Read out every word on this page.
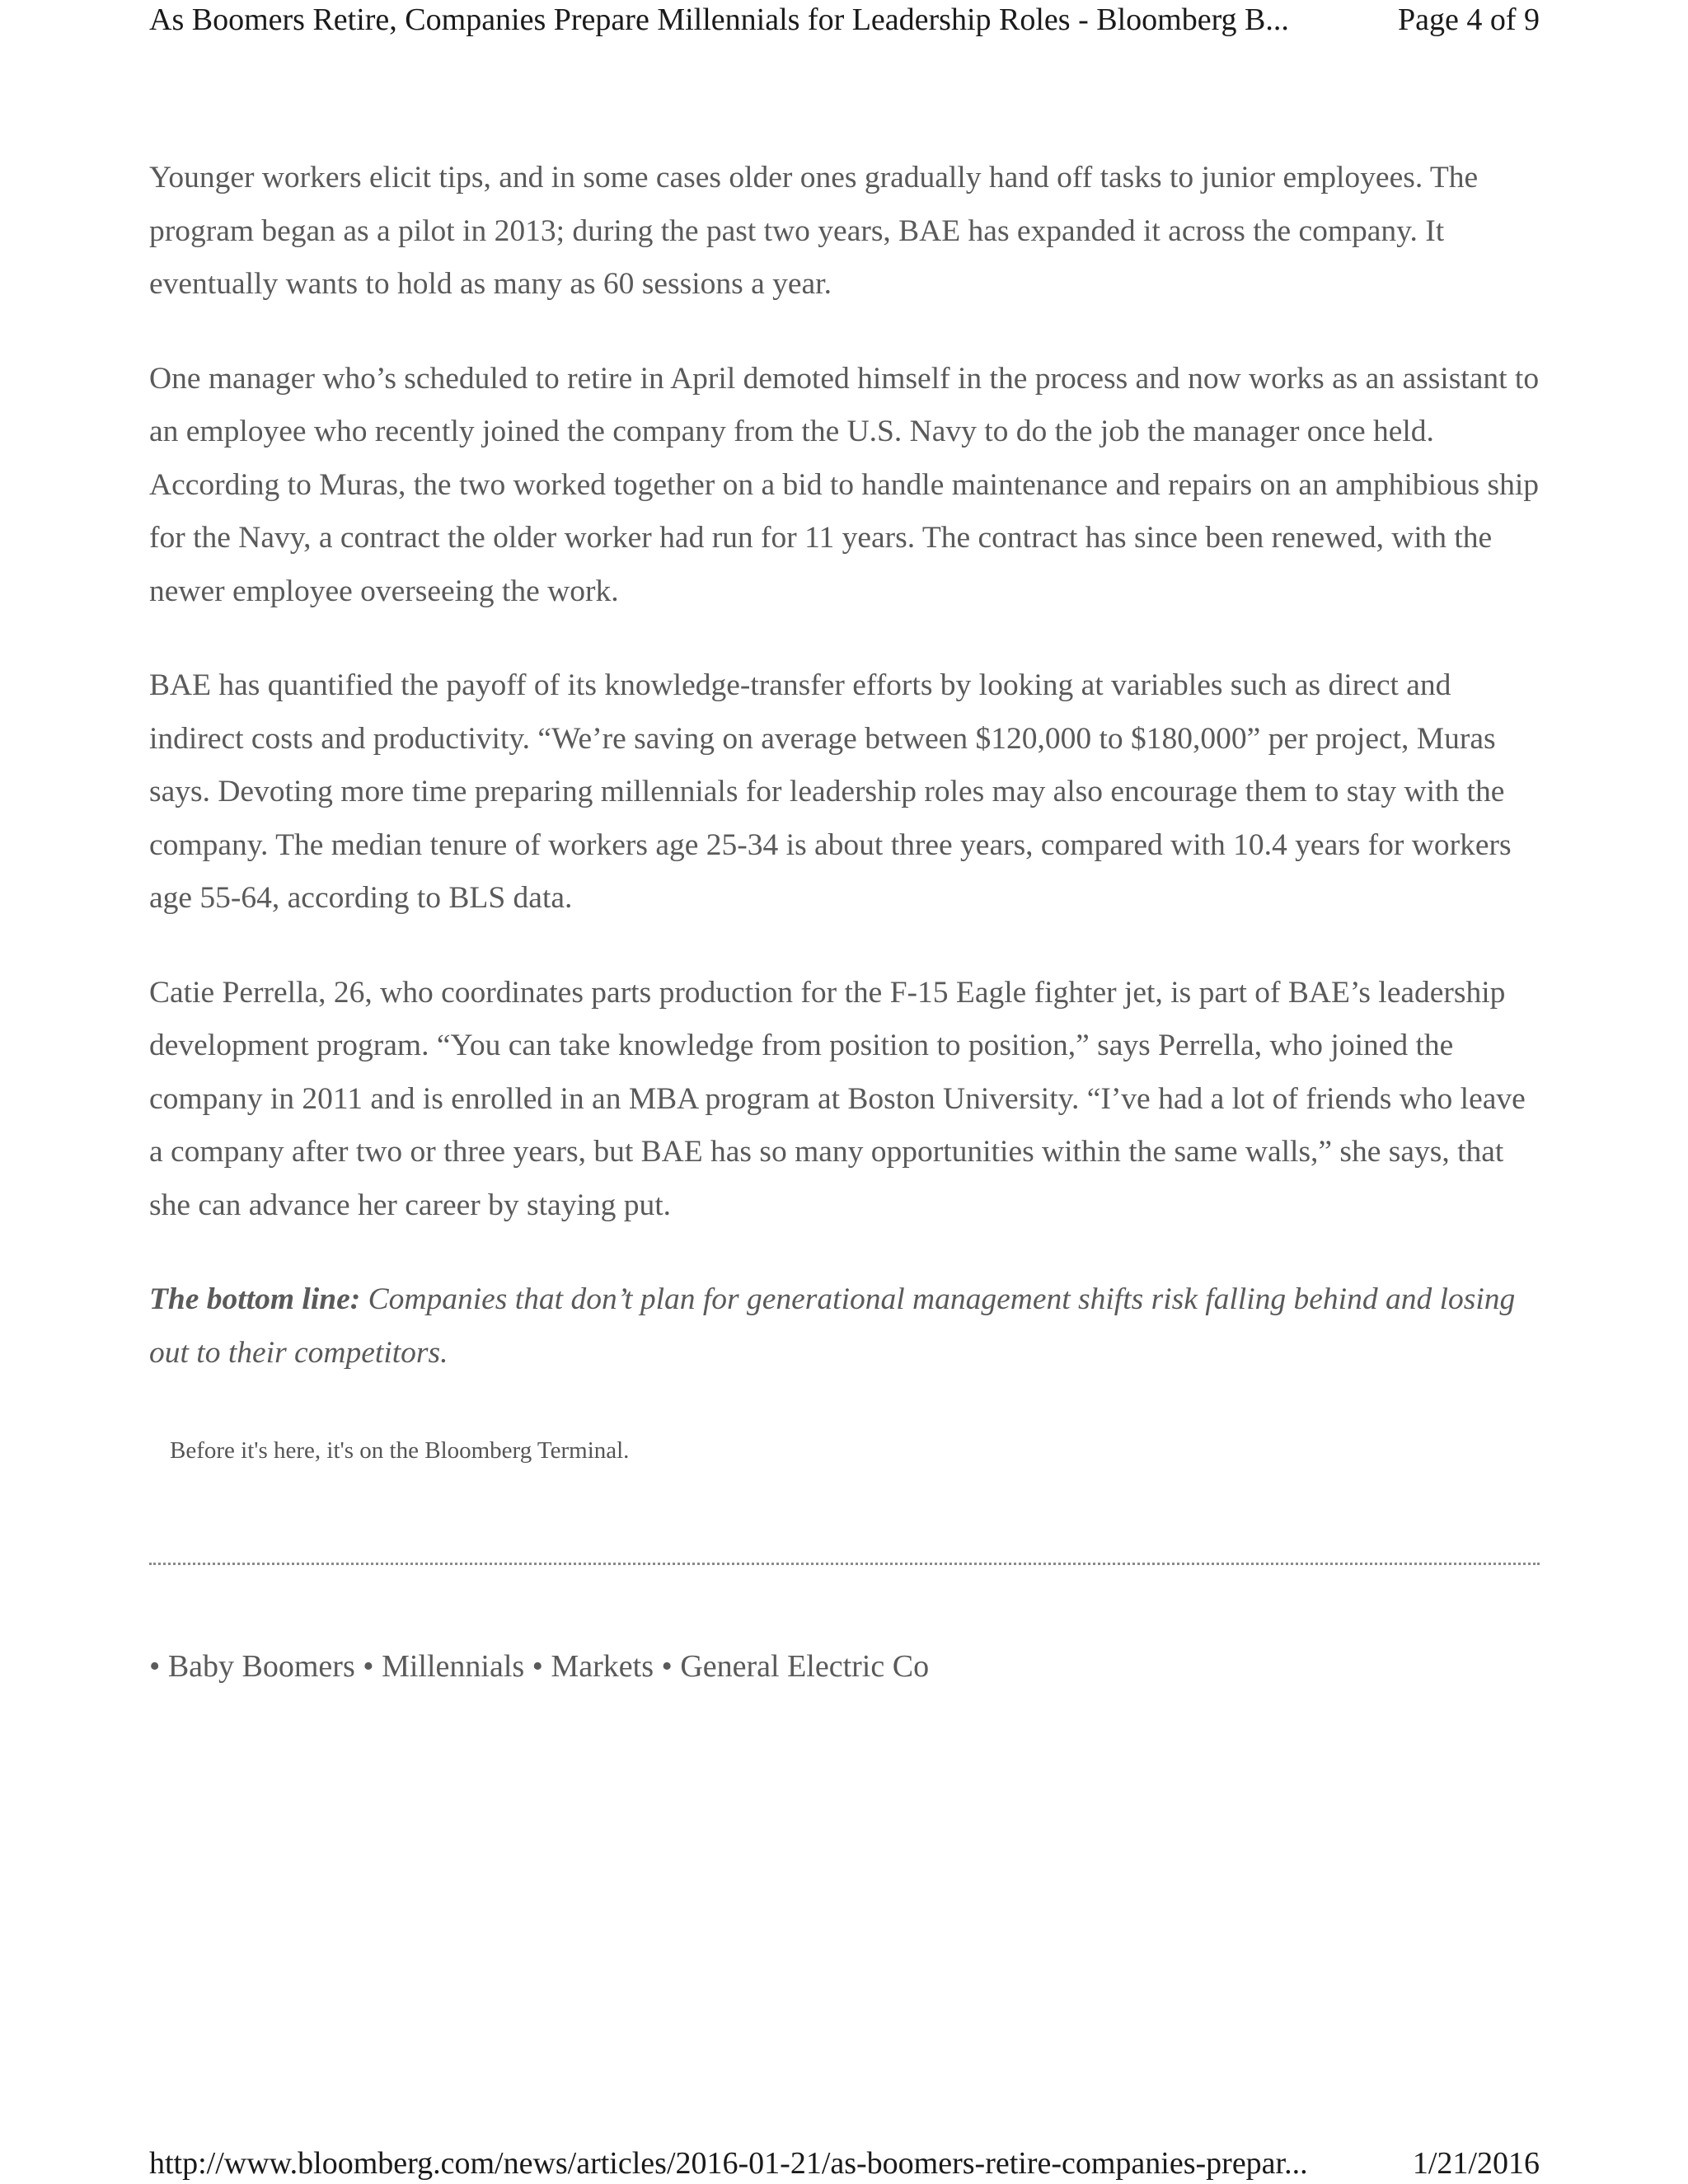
As Boomers Retire, Companies Prepare Millennials for Leadership Roles - Bloomberg B...	Page 4 of 9

Younger workers elicit tips, and in some cases older ones gradually hand off tasks to junior employees. The program began as a pilot in 2013; during the past two years, BAE has expanded it across the company. It eventually wants to hold as many as 60 sessions a year.

One manager who’s scheduled to retire in April demoted himself in the process and now works as an assistant to an employee who recently joined the company from the U.S. Navy to do the job the manager once held. According to Muras, the two worked together on a bid to handle maintenance and repairs on an amphibious ship for the Navy, a contract the older worker had run for 11 years. The contract has since been renewed, with the newer employee overseeing the work.

BAE has quantified the payoff of its knowledge-transfer efforts by looking at variables such as direct and indirect costs and productivity. “We’re saving on average between $120,000 to $180,000” per project, Muras says. Devoting more time preparing millennials for leadership roles may also encourage them to stay with the company. The median tenure of workers age 25-34 is about three years, compared with 10.4 years for workers age 55-64, according to BLS data.

Catie Perrella, 26, who coordinates parts production for the F-15 Eagle fighter jet, is part of BAE’s leadership development program. “You can take knowledge from position to position,” says Perrella, who joined the company in 2011 and is enrolled in an MBA program at Boston University. “I’ve had a lot of friends who leave a company after two or three years, but BAE has so many opportunities within the same walls,” she says, that she can advance her career by staying put.

The bottom line: Companies that don’t plan for generational management shifts risk falling behind and losing out to their competitors.

Before it's here, it's on the Bloomberg Terminal.
• Baby Boomers • Millennials • Markets • General Electric Co
http://www.bloomberg.com/news/articles/2016-01-21/as-boomers-retire-companies-prepar...	1/21/2016
